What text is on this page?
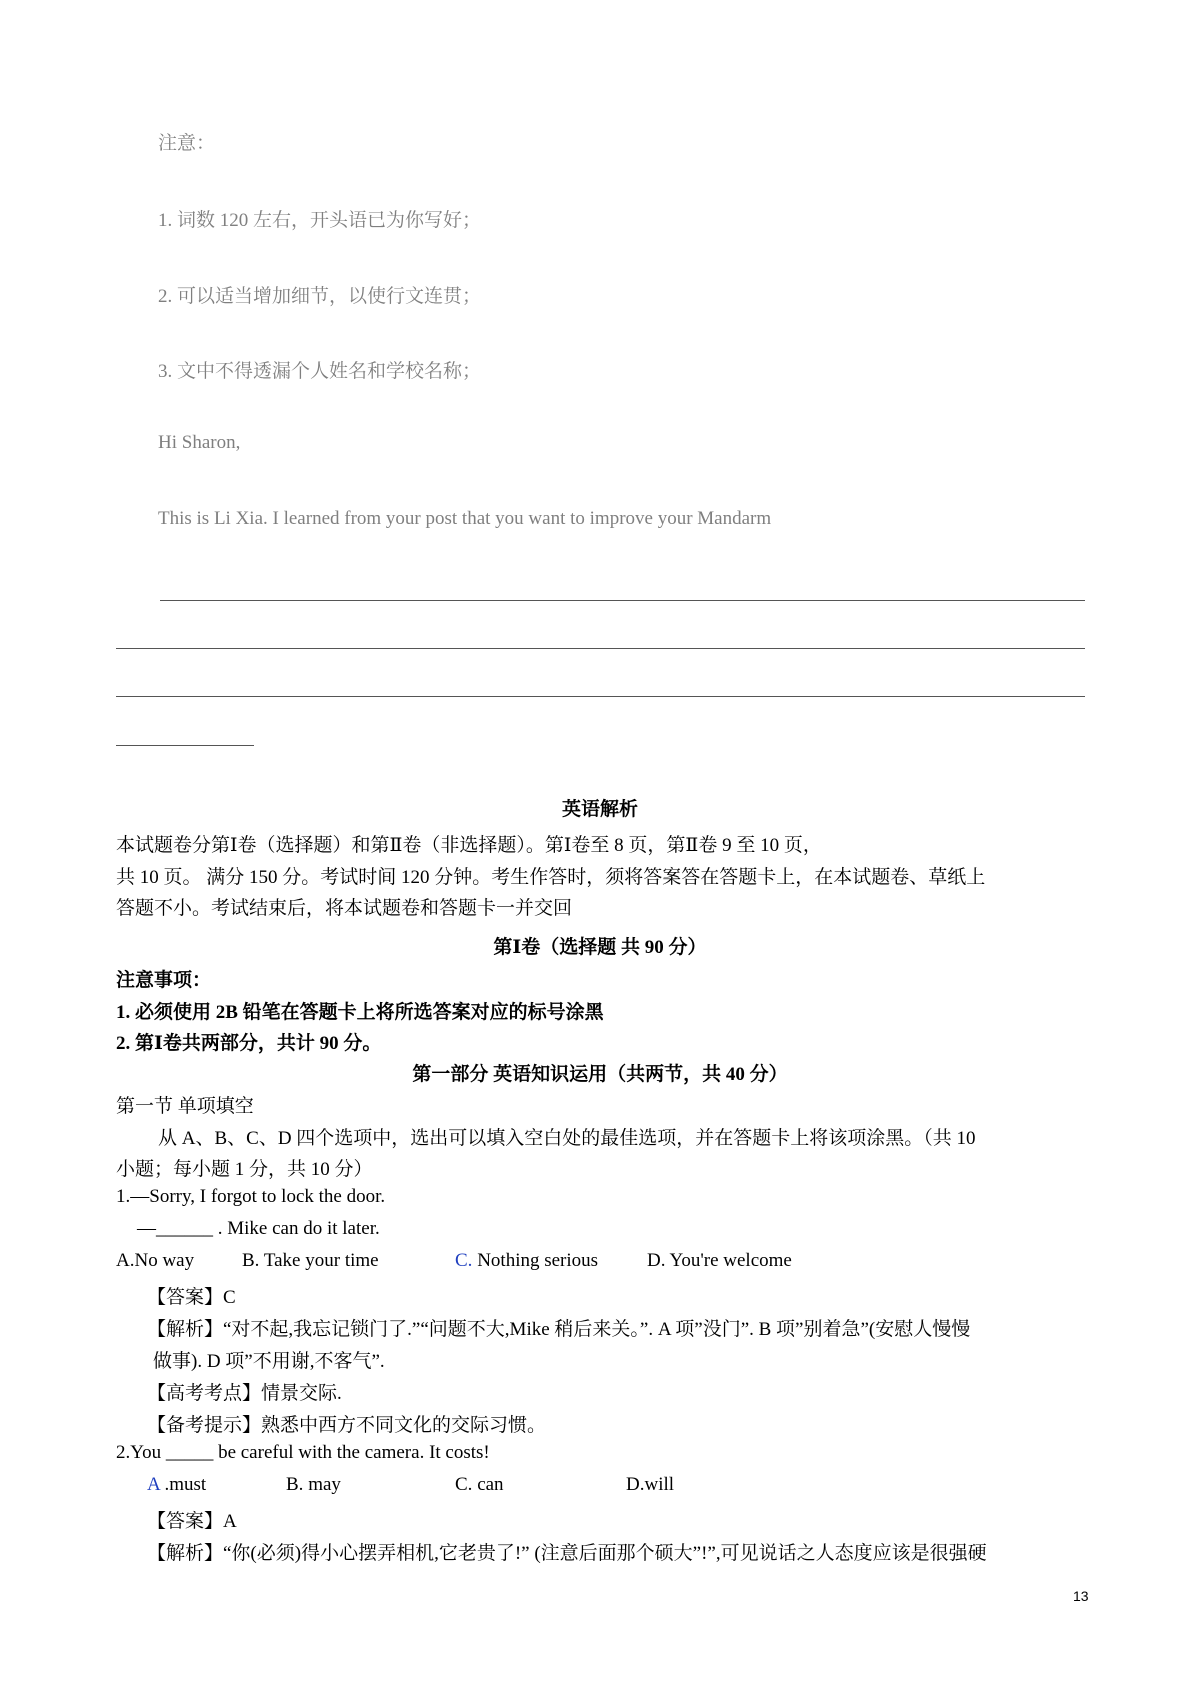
注意：
1. 词数 120 左右，开头语已为你写好；
2. 可以适当增加细节，以使行文连贯；
3. 文中不得透漏个人姓名和学校名称；
Hi Sharon,
This is Li Xia. I learned from your post that you want to improve your Mandarm
英语解析
本试题卷分第Ⅰ卷（选择题）和第Ⅱ卷（非选择题）。第Ⅰ卷至 8 页，第Ⅱ卷 9 至 10 页，
共 10 页。 满分 150 分。考试时间 120 分钟。考生作答时，须将答案答在答题卡上，在本试题卷、草纸上
答题不小。考试结束后，将本试题卷和答题卡一并交回
第Ⅰ卷（选择题 共 90 分）
注意事项：
1. 必须使用 2B 铅笔在答题卡上将所选答案对应的标号涂黑
2. 第Ⅰ卷共两部分，共计 90 分。
第一部分 英语知识运用（共两节，共 40 分）
第一节 单项填空
从 A、B、C、D 四个选项中，选出可以填入空白处的最佳选项，并在答题卡上将该项涂黑。（共 10
小题；每小题 1 分，共 10 分）
1.—Sorry, I forgot to lock the door.
—______ . Mike can do it later.
A.No way	B. Take your time	C. Nothing serious	D. You're welcome
【答案】C
【解析】“对不起,我忘记锁门了.”“问题不大,Mike 稍后来关。”. A 项”没门”. B 项”别着急”(安慰人慢慢
做事). D 项”不用谢,不客气”.
【高考考点】情景交际.
【备考提示】熟悉中西方不同文化的交际习惯。
2.You _____ be careful with the camera. It costs!
A .must	B. may	C. can	D.will
【答案】A
【解析】“你(必须)得小心摆弄相机,它老贵了!” (注意后面那个硕大”!”,可见说话之人态度应该是很强硬
13
